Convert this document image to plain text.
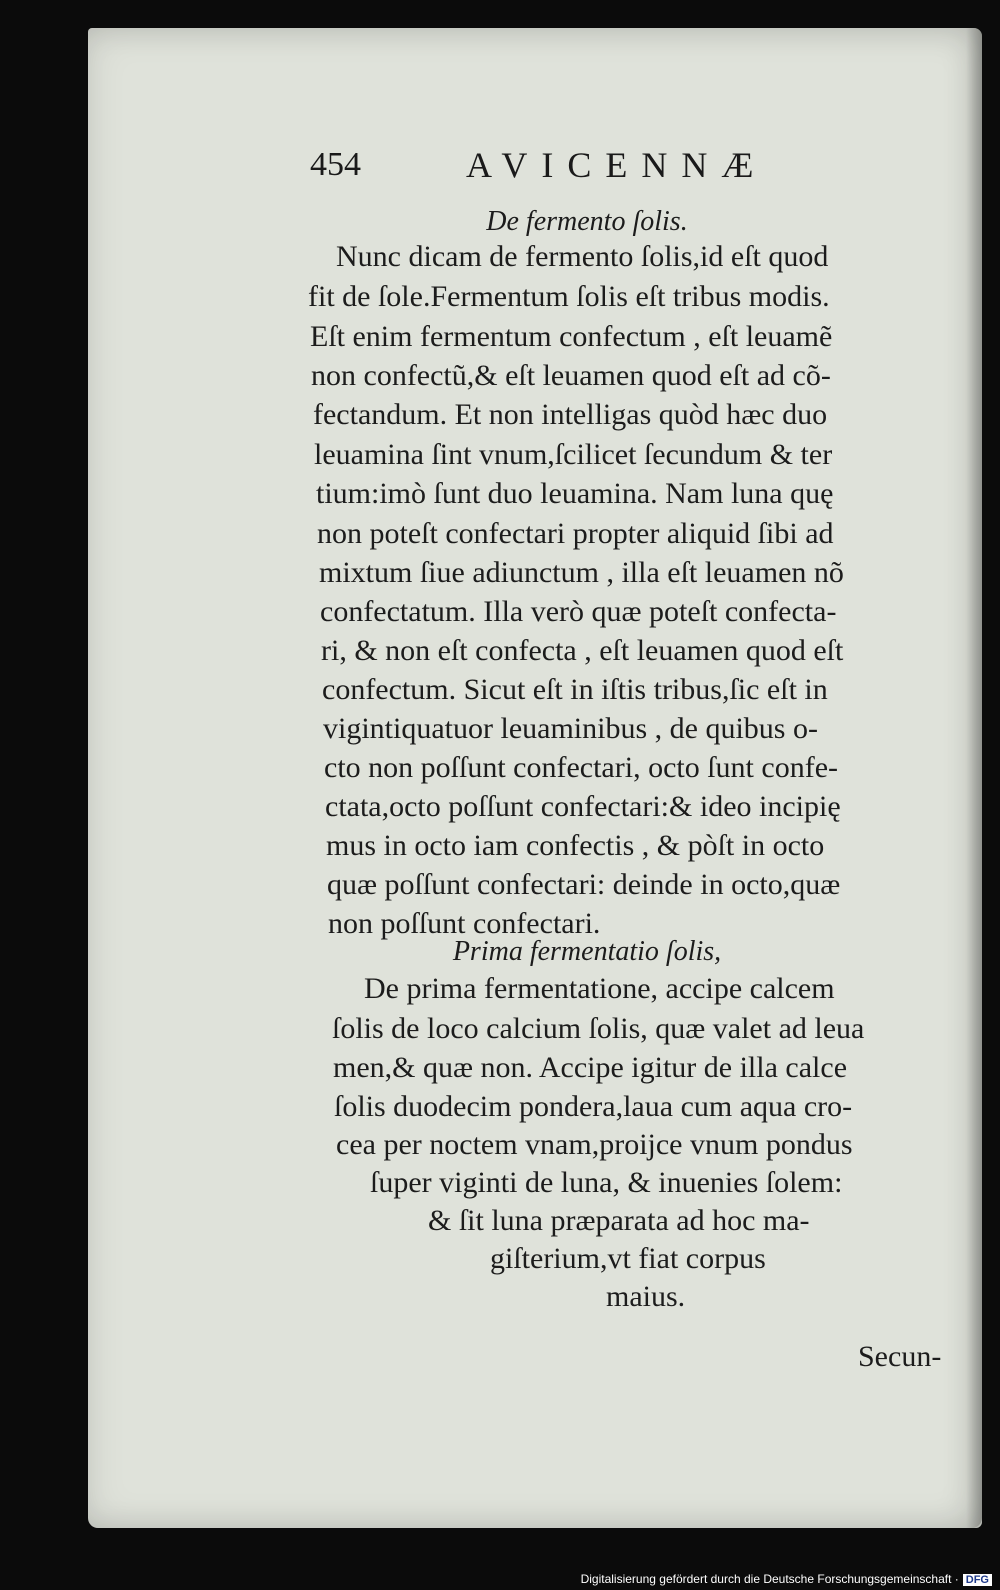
454	AVICENNÆ
De fermento ſolis.
Nunc dicam de fermento ſolis,id eſt quod
fit de ſole.Fermentum ſolis eſt tribus modis.
Eſt enim fermentum confectum , eſt leuamẽ
non confectũ,& eſt leuamen quod eſt ad cõ-
fectandum. Et non intelligas quòd hæc duo
leuamina ſint vnum,ſcilicet ſecundum & ter
tium:imò ſunt duo leuamina. Nam luna quę
non poteſt confectari propter aliquid ſibi ad
mixtum ſiue adiunctum , illa eſt leuamen nõ
confectatum. Illa verò quæ poteſt confecta-
ri, & non eſt confecta , eſt leuamen quod eſt
confectum. Sicut eſt in iſtis tribus,ſic eſt in
vigintiquatuor leuaminibus , de quibus o-
cto non poſſunt confectari, octo ſunt confe-
ctata,octo poſſunt confectari:& ideo incipię
mus in octo iam confectis , & pòſt in octo
quæ poſſunt confectari: deinde in octo,quæ
non poſſunt confectari.
Prima fermentatio ſolis,
De prima fermentatione, accipe calcem
ſolis de loco calcium ſolis, quæ valet ad leua
men,& quæ non. Accipe igitur de illa calce
ſolis duodecim pondera,laua cum aqua cro-
cea per noctem vnam,proijce vnum pondus
ſuper viginti de luna, & inuenies ſolem:
& ſit luna præparata ad hoc ma-
giſterium,vt fiat corpus
maius.
Secun-
Digitalisierung gefördert durch die Deutsche Forschungsgemeinschaft · DFG
